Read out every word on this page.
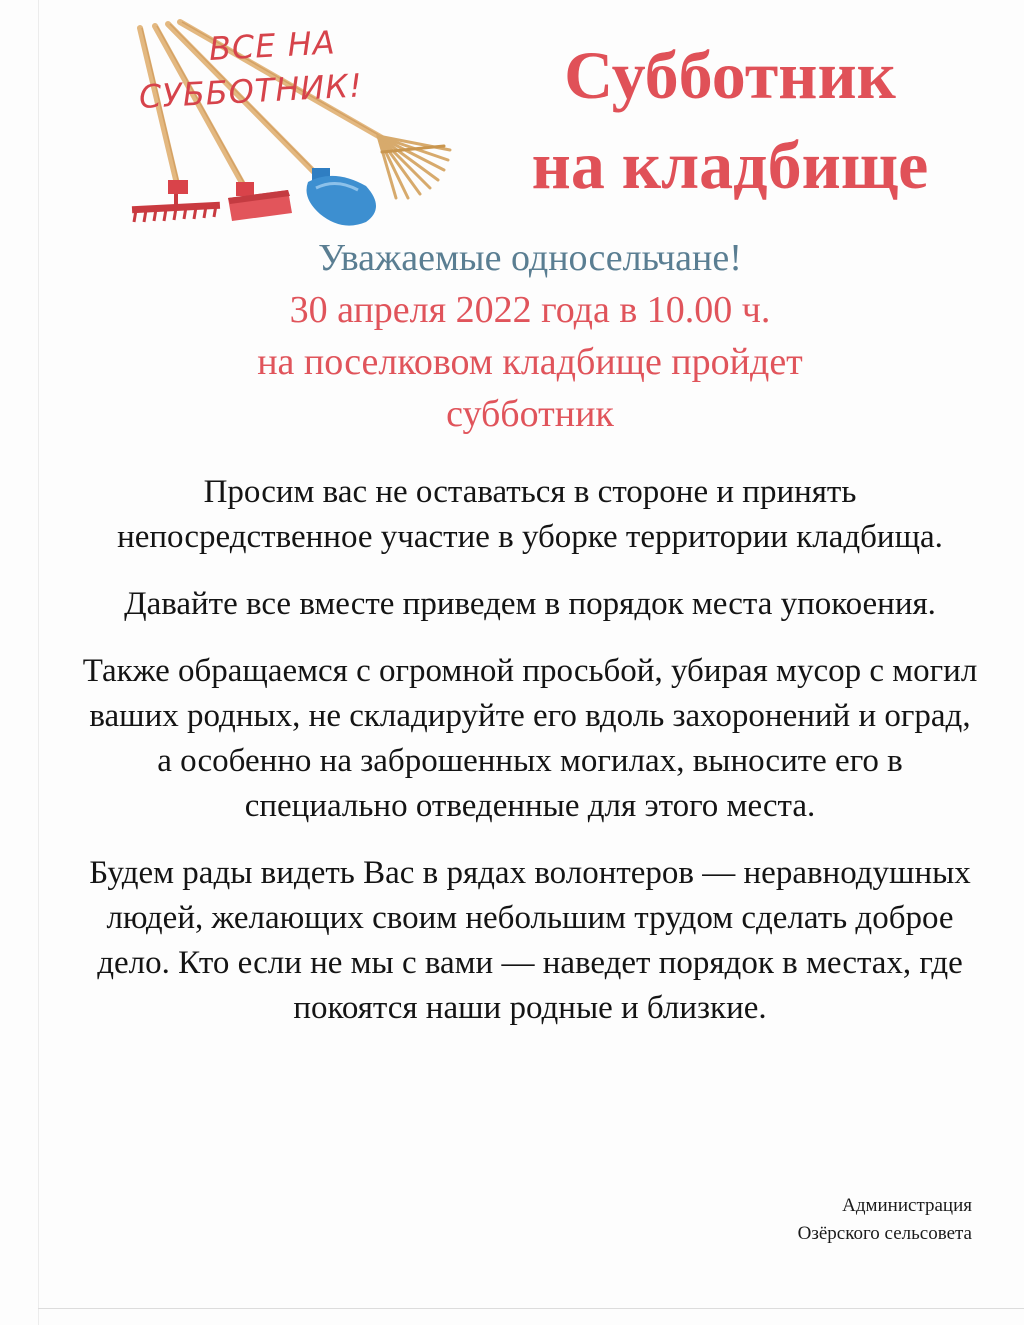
ВСЕ НА
СУББОТНИК!	Субботник
на кладбище
Уважаемые односельчане!
30 апреля 2022 года в 10.00 ч.
на поселковом кладбище пройдет
субботник

Просим вас не оставаться в стороне и принять непосредственное участие в уборке территории кладбища.

Давайте все вместе приведем в порядок места упокоения.

Также обращаемся с огромной просьбой, убирая мусор с могил ваших родных, не складируйте его вдоль захоронений и оград, а особенно на заброшенных могилах, выносите его в специально отведенные для этого места.

Будем рады видеть Вас в рядах волонтеров — неравнодушных людей, желающих своим небольшим трудом сделать доброе дело. Кто если не мы с вами — наведет порядок в местах, где покоятся наши родные и близкие.

Администрация
Озёрского сельсовета
